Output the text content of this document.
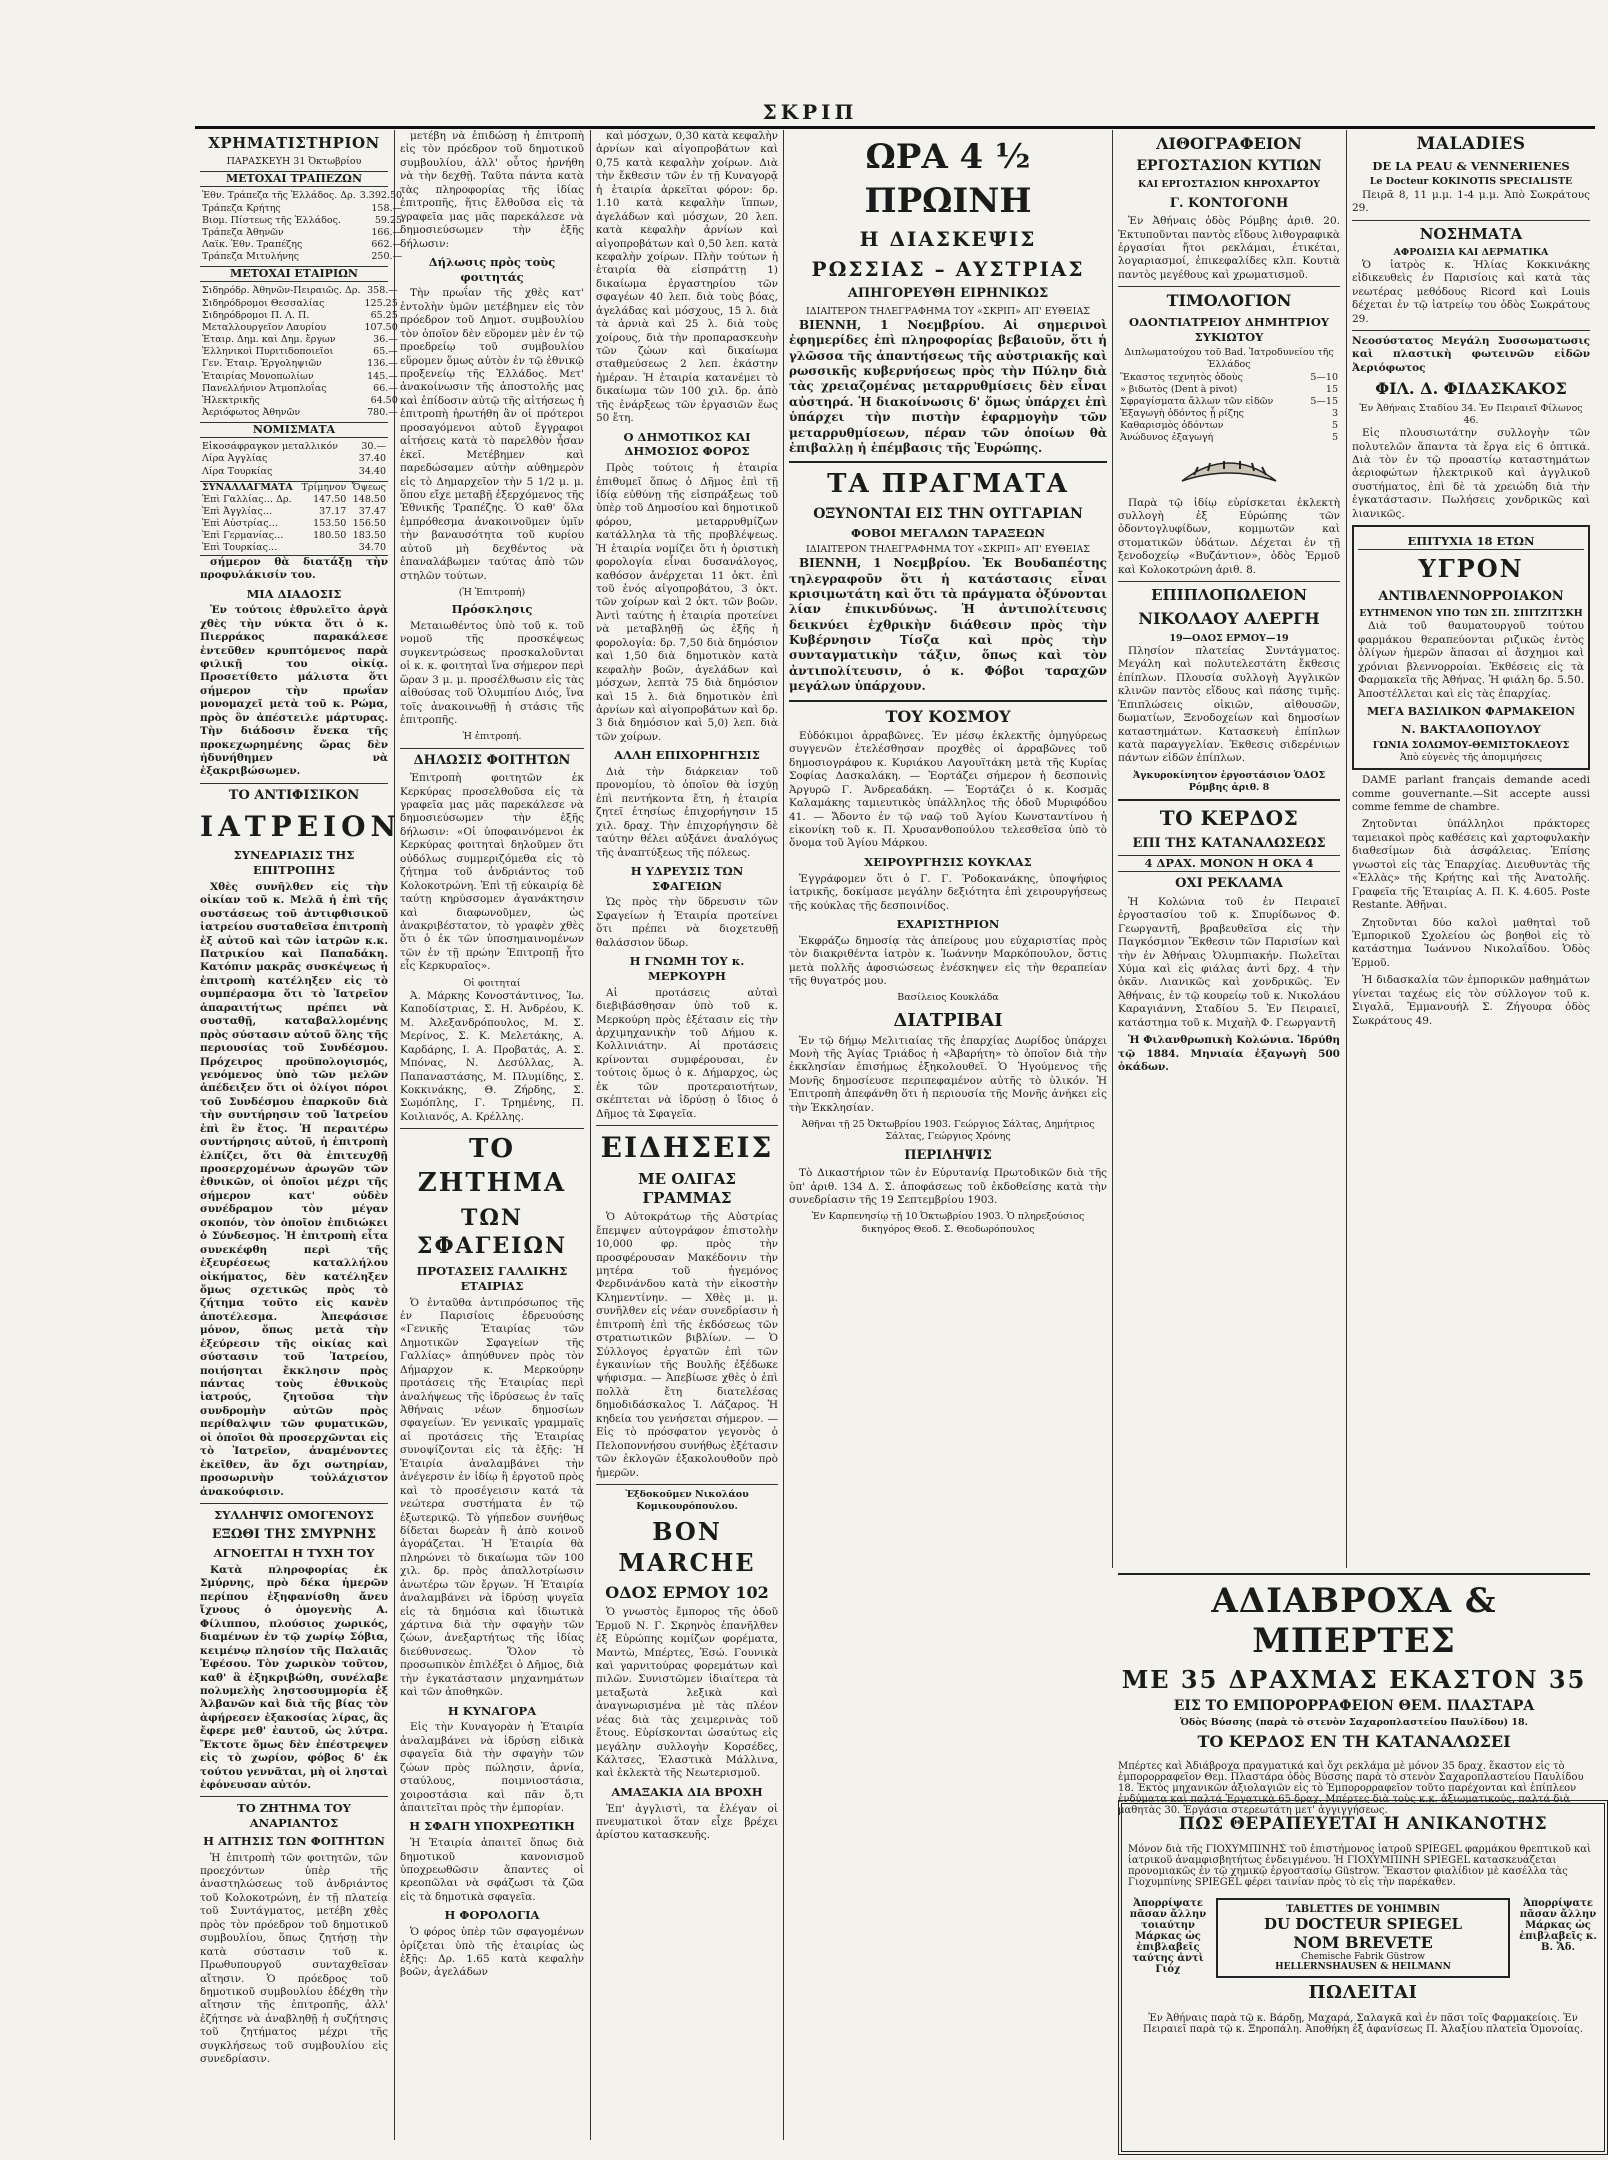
ΣΚΡΙΠ
ΧΡΗΜΑΤΙΣΤΗΡΙΟΝ
ΠΑΡΑΣΚΕΥΗ 31 Ὀκτωβρίου
ΜΕΤΟΧΑΙ ΤΡΑΠΕΖΩΝ
Ἐθν. Τράπεζα τῆς Ἑλλάδος. Δρ.	3.392.50
Τράπεζα Κρήτης	158.—
Βιομ. Πίστεως τῆς Ἑλλάδος.	59.25
Τράπεζα Ἀθηνῶν	166.—
Λαϊκ. Ἐθν. Τραπέζης	662.—
Τράπεζα Μιτυλήνης	250.—
ΜΕΤΟΧΑΙ ΕΤΑΙΡΙΩΝ
Σιδηρόδρ. Ἀθηνῶν-Πειραιῶς. Δρ.	358.—
Σιδηρόδρομοι Θεσσαλίας	125.25
Σιδηρόδρομοι Π. Λ. Π.	65.25
Μεταλλουργεῖον Λαυρίου	107.50
Ἑταιρ. Δημ. καὶ Δημ. ἔργων	36.—
Ἑλληνικοὶ Πυριτιδοποιεῖοι	65.—
Γεν. Ἑταιρ. Ἐργοληψιῶν	136.—
Ἑταιρίας Μονοπωλίων	145.—
Πανελλήνιον Ἀτμοπλοΐας	66.—
Ἠλεκτρικῆς	64.50
Ἀεριόφωτος Ἀθηνῶν	780.—
ΝΟΜΙΣΜΑΤΑ
Εἰκοσάφραγκον μεταλλικόν	30.—
Λίρα Ἀγγλίας	37.40
Λίρα Τουρκίας	34.40
ΣΥΝΑΛΛΑΓΜΑΤΑ	Τρίμηνον	Ὄψεως
Ἐπὶ Γαλλίας… Δρ.	147.50	148.50
Ἐπὶ Ἀγγλίας…	37.17	37.47
Ἐπὶ Αὐστρίας…	153.50	156.50
Ἐπὶ Γερμανίας…	180.50	183.50
Ἐπὶ Τουρκίας…		34.70

σήμερον θὰ διατάξῃ τὴν προφυλάκισίν του.

ΜΙΑ ΔΙΑΔΟΣΙΣ

Ἐν τούτοις ἐθρυλεῖτο ἀργὰ χθὲς τὴν νύκτα ὅτι ὁ κ. Πιερράκος παρακάλεσε ἐντεῦθεν κρυπτόμενος παρὰ φιλικῇ του οἰκίᾳ. Προσετίθετο μάλιστα ὅτι σήμερον τὴν πρωΐαν μονομαχεῖ μετὰ τοῦ κ. Ρώμα, πρὸς ὃν ἀπέστειλε μάρτυρας. Τὴν διάδοσιν ἕνεκα τῆς προκεχωρημένης ὥρας δὲν ἠδυνήθημεν νὰ ἐξακριβώσωμεν.

ΤΟ ΑΝΤΙΦΙΣΙΚΟΝ
ΙΑΤΡΕΙΟΝ
ΣΥΝΕΔΡΙΑΣΙΣ ΤΗΣ ΕΠΙΤΡΟΠΗΣ

Χθὲς συνῆλθεν εἰς τὴν οἰκίαν τοῦ κ. Μελᾶ ἡ ἐπὶ τῆς συστάσεως τοῦ ἀντιφθισικοῦ ἰατρείου συσταθεῖσα ἐπιτροπὴ ἐξ αὐτοῦ καὶ τῶν ἰατρῶν κ.κ. Πατρικίου καὶ Παπαδάκη. Κατόπιν μακρᾶς συσκέψεως ἡ ἐπιτροπὴ κατέληξεν εἰς τὸ συμπέρασμα ὅτι τὸ Ἰατρεῖον ἀπαραιτήτως πρέπει νὰ συσταθῇ, καταβαλλομένης πρὸς σύστασιν αὐτοῦ ὅλης τῆς περιουσίας τοῦ Συνδέσμου. Πρόχειρος προϋπολογισμός, γενόμενος ὑπὸ τῶν μελῶν ἀπέδειξεν ὅτι οἱ ὀλίγοι πόροι τοῦ Συνδέσμου ἐπαρκοῦν διὰ τὴν συντήρησιν τοῦ Ἰατρείου ἐπὶ ἓν ἔτος. Ἡ περαιτέρω συντήρησις αὐτοῦ, ἡ ἐπιτροπὴ ἐλπίζει, ὅτι θὰ ἐπιτευχθῇ προσερχομένων ἀρωγῶν τῶν ἐθνικῶν, οἱ ὁποῖοι μέχρι τῆς σήμερον κατ' οὐδὲν συνέδραμον τὸν μέγαν σκοπόν, τὸν ὁποῖον ἐπιδιώκει ὁ Σύνδεσμος. Ἡ ἐπιτροπὴ εἶτα συνεκέφθη περὶ τῆς ἐξευρέσεως καταλλήλου οἰκήματος, δὲν κατέληξεν ὅμως σχετικῶς πρὸς τὸ ζήτημα τοῦτο εἰς κανὲν ἀποτέλεσμα. Ἀπεφάσισε μόνον, ὅπως μετὰ τὴν ἐξεύρεσιν τῆς οἰκίας καὶ σύστασιν τοῦ Ἰατρείου, ποιήσηται ἔκκλησιν πρὸς πάντας τοὺς ἐθνικοὺς ἰατρούς, ζητοῦσα τὴν συνδρομὴν αὐτῶν πρὸς περίθαλψιν τῶν φυματικῶν, οἱ ὁποῖοι θὰ προσερχῶνται εἰς τὸ Ἰατρεῖον, ἀναμένοντες ἐκεῖθεν, ἂν ὄχι σωτηρίαν, προσωρινὴν τοὐλάχιστον ἀνακούφισιν.

ΣΥΛΛΗΨΙΣ ΟΜΟΓΕΝΟΥΣ
ΕΞΩΘΙ ΤΗΣ ΣΜΥΡΝΗΣ
ΑΓΝΟΕΙΤΑΙ Η ΤΥΧΗ ΤΟΥ

Κατὰ πληροφορίας ἐκ Σμύρνης, πρὸ δέκα ἡμερῶν περίπου ἐξηφανίσθη ἄνευ ἴχνους ὁ ὁμογενὴς Α. Φίλιππου, πλούσιος χωρικός, διαμένων ἐν τῷ χωρίῳ Σόβια, κειμένῳ πλησίον τῆς Παλαιᾶς Ἐφέσου. Τὸν χωρικὸν τοῦτον, καθ' ἃ ἐξηκριβώθη, συνέλαβε πολυμελὴς ληστοσυμμορία ἐξ Ἀλβανῶν καὶ διὰ τῆς βίας τὸν ἀφήρεσεν ἐξακοσίας λίρας, ἃς ἔφερε μεθ' ἑαυτοῦ, ὡς λύτρα. Ἔκτοτε ὅμως δὲν ἐπέστρεψεν εἰς τὸ χωρίον, φόβος δ' ἐκ τούτου γεννᾶται, μὴ οἱ λησταὶ ἐφόνευσαν αὐτόν.

ΤΟ ΖΗΤΗΜΑ ΤΟΥ ΑΝΑΡΙΑΝΤΟΣ
Η ΑΙΤΗΣΙΣ ΤΩΝ ΦΟΙΤΗΤΩΝ

Ἡ ἐπιτροπὴ τῶν φοιτητῶν, τῶν προεχόντων ὑπὲρ τῆς ἀναστηλώσεως τοῦ ἀνδριάντος τοῦ Κολοκοτρώνη, ἐν τῇ πλατείᾳ τοῦ Συντάγματος, μετέβη χθὲς πρὸς τὸν πρόεδρον τοῦ δημοτικοῦ συμβουλίου, ὅπως ζητήσῃ τὴν κατὰ σύστασιν τοῦ κ. Πρωθυπουργοῦ συνταχθεῖσαν αἴτησιν. Ὁ πρόεδρος τοῦ δημοτικοῦ συμβουλίου ἐδέχθη τὴν αἴτησιν τῆς ἐπιτροπῆς, ἀλλ' ἐζήτησε νὰ ἀναβληθῇ ἡ συζήτησις τοῦ ζητήματος μέχρι τῆς συγκλήσεως τοῦ συμβουλίου εἰς συνεδρίασιν.

μετέβη νὰ ἐπιδώσῃ ἡ ἐπιτροπὴ εἰς τὸν πρόεδρον τοῦ δημοτικοῦ συμβουλίου, ἀλλ' οὗτος ἠρνήθη νὰ τὴν δεχθῇ. Ταῦτα πάντα κατὰ τὰς πληροφορίας τῆς ἰδίας ἐπιτροπῆς, ἥτις ἔλθοῦσα εἰς τὰ γραφεῖα μας μᾶς παρεκάλεσε νὰ δημοσιεύσωμεν τὴν ἑξῆς δήλωσιν:

Δήλωσις πρὸς τοὺς φοιτητάς

Τὴν πρωΐαν τῆς χθὲς κατ' ἐντολὴν ὑμῶν μετέβημεν εἰς τὸν πρόεδρον τοῦ Δημοτ. συμβουλίου τὸν ὁποῖον δὲν εὕρομεν μὲν ἐν τῷ προεδρείῳ τοῦ συμβουλίου εὕρομεν ὅμως αὐτὸν ἐν τῷ ἐθνικῷ προξενείῳ τῆς Ἑλλάδος. Μετ' ἀνακοίνωσιν τῆς ἀποστολῆς μας καὶ ἐπίδοσιν αὐτῷ τῆς αἰτήσεως ἡ ἐπιτροπὴ ἠρωτήθη ἂν οἱ πρότεροι προσαγόμενοι αὐτοῦ ἔγγραφοι αἰτήσεις κατὰ τὸ παρελθὸν ἦσαν ἐκεῖ. Μετέβημεν καὶ παρεδώσαμεν αὐτὴν αὐθημερὸν εἰς τὸ Δημαρχεῖον τὴν 5 1/2 μ. μ. ὅπου εἴχε μεταβῇ ἐξερχόμενος τῆς Ἐθνικῆς Τραπέζης. Ὁ καθ' ὅλα ἐμπρόθεσμα ἀνακοινοῦμεν ὑμῖν τὴν βαναυσότητα τοῦ κυρίου αὐτοῦ μὴ δεχθέντος νὰ ἐπαναλάβωμεν ταύτας ἀπὸ τῶν στηλῶν τούτων.

(Ἡ Ἐπιτροπή)
Πρόσκλησις

Μεταιωθέντος ὑπὸ τοῦ κ. τοῦ νομοῦ τῆς προσκέψεως συγκεντρώσεως προσκαλοῦνται οἱ κ. κ. φοιτηταὶ ἵνα σήμερον περὶ ὥραν 3 μ. μ. προσέλθωσιν εἰς τὰς αἰθούσας τοῦ Ὁλυμπίου Διός, ἵνα τοῖς ἀνακοινωθῇ ἡ στάσις τῆς ἐπιτροπῆς.

Ἡ ἐπιτροπή.
ΔΗΛΩΣΙΣ ΦΟΙΤΗΤΩΝ

Ἐπιτροπὴ φοιτητῶν ἐκ Κερκύρας προσελθοῦσα εἰς τὰ γραφεῖα μας μᾶς παρεκάλεσε νὰ δημοσιεύσωμεν τὴν ἑξῆς δήλωσιν: «Οἱ ὑποφαινόμενοι ἐκ Κερκύρας φοιτηταὶ δηλοῦμεν ὅτι οὐδόλως συμμεριζόμεθα εἰς τὸ ζήτημα τοῦ ἀνδριάντος τοῦ Κολοκοτρώνη. Ἐπὶ τῇ εὐκαιρίᾳ δὲ ταύτῃ κηρύσσομεν ἀγανάκτησιν καὶ διαφωνοῦμεν, ὡς ἀνακριβέστατον, τὸ γραφὲν χθὲς ὅτι ὁ ἐκ τῶν ὑποσημαινομένων τῶν ἐν τῇ πρώην Ἐπιτροπῇ ἦτο εἷς Κερκυραῖος».

Οἱ φοιτηταί

Ἀ. Μάρκης Κονοστάντινος, Ἰω. Καποδίστριας, Σ. Η. Ἀνδρέου, Κ. Μ. Ἀλεξανδρόπουλος, Μ. Σ. Μερίνος, Σ. Κ. Μελετάκης, Α. Καρδάρης, Ι. Α. Προβατάς, Α. Σ. Μπόνας, Ν. Δεσύλλας, Ἀ. Παπαναστάσης, Μ. Πλυμίδης, Σ. Κοκκινάκης, Θ. Ζήρδης, Σ. Σωμόπλης, Γ. Τρημένης, Π. Κοιλιανός, Α. Κρέλλης.

ΤΟ ΖΗΤΗΜΑ
ΤΩΝ ΣΦΑΓΕΙΩΝ
ΠΡΟΤΑΣΕΙΣ ΓΑΛΛΙΚΗΣ ΕΤΑΙΡΙΑΣ

Ὁ ἐνταῦθα ἀντιπρόσωπος τῆς ἐν Παρισίοις ἑδρευούσης «Γενικῆς Ἑταιρίας τῶν Δημοτικῶν Σφαγείων τῆς Γαλλίας» ἀπηύθυνεν πρὸς τὸν Δήμαρχον κ. Μερκούρην προτάσεις τῆς Ἑταιρίας περὶ ἀναλήψεως τῆς ἰδρύσεως ἐν ταῖς Ἀθήναις νέων δημοσίων σφαγείων. Ἐν γενικαῖς γραμμαῖς αἱ προτάσεις τῆς Ἑταιρίας συνοψίζονται εἰς τὰ ἑξῆς: Ἡ Ἑταιρία ἀναλαμβάνει τὴν ἀνέγερσιν ἐν ἰδίῳ ἢ ἐργοτοῦ πρὸς καὶ τὸ προσέγεισιν κατά τὰ νεώτερα συστήματα ἐν τῷ ἐξωτερικῷ. Τὸ γήπεδον συνήθως δίδεται δωρεὰν ἢ ἀπὸ κοινοῦ ἀγοράζεται. Ἡ Ἑταιρία θὰ πληρώνει τὸ δικαίωμα τῶν 100 χιλ. δρ. πρὸς ἀπαλλοτρίωσιν ἀνωτέρω τῶν ἔργων. Ἡ Ἑταιρία ἀναλαμβάνει νὰ ἱδρύσῃ ψυγεῖα εἰς τὰ δημόσια καὶ ἰδιωτικὰ χάρτινα διὰ τὴν σφαγὴν τῶν ζώων, ἀνεξαρτήτως τῆς ἰδίας διεύθυνσεως. Ὅλον τὸ προσωπικὸν ἐπιλέξει ὁ Δῆμος, διὰ τὴν ἐγκατάστασιν μηχανημάτων καὶ τῶν ἀποθηκῶν.

Η ΚΥΝΑΓΟΡΑ

Εἰς τὴν Κυναγορὰν ἡ Ἑταιρία ἀναλαμβάνει νὰ ἱδρύσῃ εἰδικὰ σφαγεῖα διὰ τὴν σφαγὴν τῶν ζώων πρὸς πώλησιν, ἀρνία, σταύλους, ποιμνιοστάσια, χοιροστάσια καὶ πᾶν ὅ,τι ἀπαιτεῖται πρὸς τὴν ἐμπορίαν.

Η ΣΦΑΓΗ ΥΠΟΧΡΕΩΤΙΚΗ

Ἡ Ἑταιρία ἀπαιτεῖ ὅπως διὰ δημοτικοῦ κανονισμοῦ ὑποχρεωθῶσιν ἅπαντες οἱ κρεοπῶλαι νὰ σφάζωσι τὰ ζῶα εἰς τὰ δημοτικὰ σφαγεῖα.

Η ΦΟΡΟΛΟΓΙΑ

Ὁ φόρος ὑπὲρ τῶν σφαγομένων ὁρίζεται ὑπὸ τῆς ἑταιρίας ὡς ἑξῆς: Δρ. 1.65 κατὰ κεφαλὴν βοῶν, ἀγελάδων

καὶ μόσχων, 0,30 κατὰ κεφαλὴν ἀρνίων καὶ αἰγοπροβάτων καὶ 0,75 κατὰ κεφαλὴν χοίρων. Διὰ τὴν ἔκθεσιν τῶν ἐν τῇ Κυναγορᾷ ἡ ἑταιρία ἀρκεῖται φόρον: δρ. 1.10 κατὰ κεφαλὴν ἵππων, ἀγελάδων καὶ μόσχων, 20 λεπ. κατὰ κεφαλὴν ἀρνίων καὶ αἰγοπροβάτων καὶ 0,50 λεπ. κατὰ κεφαλὴν χοίρων. Πλὴν τούτων ἡ ἑταιρία θὰ εἰσπράττῃ 1) δικαίωμα ἐργαστηρίου τῶν σφαγέων 40 λεπ. διὰ τοὺς βόας, ἀγελάδας καὶ μόσχους, 15 λ. διὰ τὰ ἀρνιὰ καὶ 25 λ. διὰ τοὺς χοίρους, διὰ τὴν προπαρασκευὴν τῶν ζώων καὶ δικαίωμα σταθμεύσεως 2 λεπ. ἑκάστην ἡμέραν. Ἡ ἑταιρία κατανέμει τὸ δικαίωμα τῶν 100 χιλ. δρ. ἀπὸ τῆς ἐνάρξεως τῶν ἐργασιῶν ἕως 50 ἔτη.

Ο ΔΗΜΟΤΙΚΟΣ ΚΑΙ ΔΗΜΟΣΙΟΣ ΦΟΡΟΣ

Πρὸς τούτοις ἡ ἑταιρία ἐπιθυμεῖ ὅπως ὁ Δῆμος ἐπὶ τῇ ἰδίᾳ εὐθύνῃ τῆς εἰσπράξεως τοῦ ὑπὲρ τοῦ Δημοσίου καὶ δημοτικοῦ φόρου, μεταρρυθμίζων κατάλληλα τὰ τῆς προβλέψεως. Ἡ ἑταιρία νομίζει ὅτι ἡ ὁριστικὴ φορολογία εἶναι δυσανάλογος, καθόσον ἀνέρχεται 11 ὀκτ. ἐπὶ τοῦ ἑνός αἰγοπροβάτου, 3 ὀκτ. τῶν χοίρων καὶ 2 ὀκτ. τῶν βοῶν. Ἀντὶ ταύτης ἡ ἑταιρία προτείνει νὰ μεταβληθῇ ὡς ἑξῆς ἡ φορολογία: δρ. 7,50 διὰ δημόσιον καὶ 1,50 διὰ δημοτικὸν κατὰ κεφαλὴν βοῶν, ἀγελάδων καὶ μόσχων, λεπτὰ 75 διὰ δημόσιον καὶ 15 λ. διὰ δημοτικὸν ἐπὶ ἀρνίων καὶ αἰγοπροβάτων καὶ δρ. 3 διὰ δημόσιον καὶ 5,0) λεπ. διὰ τῶν χοίρων.

ΑΛΛΗ ΕΠΙΧΟΡΗΓΗΣΙΣ

Διὰ τὴν διάρκειαν τοῦ προνομίου, τὸ ὁποῖον θὰ ἰσχύῃ ἐπὶ πεντήκοντα ἔτη, ἡ ἑταιρία ζητεῖ ἐτησίως ἐπιχορήγησιν 15 χιλ. δραχ. Τὴν ἐπιχορήγησιν δὲ ταύτην θέλει αὐξάνει ἀναλόγως τῆς ἀναπτύξεως τῆς πόλεως.

Η ΥΔΡΕΥΣΙΣ ΤΩΝ ΣΦΑΓΕΙΩΝ

Ὡς πρὸς τὴν ὕδρευσιν τῶν Σφαγείων ἡ Ἑταιρία προτείνει ὅτι πρέπει νὰ διοχετευθῇ θαλάσσιον ὕδωρ.

Η ΓΝΩΜΗ ΤΟΥ κ. ΜΕΡΚΟΥΡΗ

Αἱ προτάσεις αὐταὶ διεβιβάσθησαν ὑπὸ τοῦ κ. Μερκούρη πρὸς ἐξέτασιν εἰς τὴν ἀρχιμηχανικὴν τοῦ Δήμου κ. Κολλινιάτην. Αἱ προτάσεις κρίνονται συμφέρουσαι, ἐν τούτοις ὅμως ὁ κ. Δήμαρχος, ὡς ἐκ τῶν προτεραιοτήτων, σκέπτεται νὰ ἱδρύσῃ ὁ ἴδιος ὁ Δῆμος τὰ Σφαγεῖα.

ΕΙΔΗΣΕΙΣ
ΜΕ ΟΛΙΓΑΣ ΓΡΑΜΜΑΣ

Ὁ Αὐτοκράτωρ τῆς Αὐστρίας ἔπεμψεν αὐτογράφον ἐπιστολὴν 10,000 φρ. πρὸς τὴν προσφέρουσαν Μακέδονιν τὴν μητέρα τοῦ ἡγεμόνος Φερδινάνδου κατὰ τὴν εἰκοστὴν Κλημεντίνην. — Χθὲς μ. μ. συνῆλθεν εἰς νέαν συνεδρίασιν ἡ ἐπιτροπὴ ἐπὶ τῆς ἐκδόσεως τῶν στρατιωτικῶν βιβλίων. — Ὁ Σύλλογος ἐργατῶν ἐπὶ τῶν ἐγκαινίων τῆς Βουλῆς ἐξέδωκε ψήφισμα. — Ἀπεβίωσε χθὲς ὁ ἐπὶ πολλὰ ἔτη διατελέσας δημοδιδάσκαλος Ἰ. Λάζαρος. Ἡ κηδεία του γενήσεται σήμερον. — Εἰς τὸ πρόσφατον γεγονὸς ὁ Πελοποννήσου συνήθως ἐξέτασιν τῶν ἐκλογῶν ἐξακολουθοῦν πρὸ ἡμερῶν.

Ἐξδοκοῦμεν Νικολάου Κομικουρόπουλου.
BON MARCHE
ΟΔΟΣ ΕΡΜΟΥ 102

Ὁ γνωστὸς ἔμπορος τῆς ὁδοῦ Ἑρμοῦ Ν. Γ. Σκρηνὸς ἐπανῆλθεν ἐξ Εὐρώπης κομίζων φορέματα, Μαντὼ, Μπέρτες, Ἐσώ. Γουνικὰ καὶ γαρνιτούρας φορεμάτων καὶ πιλῶν. Συνιστῶμεν ἰδιαίτερα τὰ μεταξωτὰ λεξικὰ καὶ ἀναγνωρισμένα μὲ τὰς πλέον νέας διὰ τὰς χειμερινὰς τοῦ ἔτους. Εὑρίσκονται ὡσαύτως εἰς μεγάλην συλλογὴν Κορσέδες, Κάλτσες, Ἐλαστικὰ Μάλλινα, καὶ ἐκλεκτὰ τῆς Νεωτερισμοῦ.

ΑΜΑΞΑΚΙΑ ΔΙΑ ΒΡΟΧΗ

Ἐπ' ἀγγλιστὶ, τα ἐλέγαν οἱ πνευματικοὶ ὅταν εἶχε βρέχει ἀρίστου κατασκευῆς.

ΩΡΑ 4 ½ ΠΡΩΙΝΗ
Η ΔΙΑΣΚΕΨΙΣ
ΡΩΣΣΙΑΣ – ΑΥΣΤΡΙΑΣ
ΑΠΗΓΟΡΕΥΘΗ ΕΙΡΗΝΙΚΩΣ
ΙΔΙΑΙΤΕΡΟΝ ΤΗΛΕΓΡΑΦΗΜΑ ΤΟΥ «ΣΚΡΙΠ» ΑΠ' ΕΥΘΕΙΑΣ

ΒΙΕΝΝΗ, 1 Νοεμβρίου. Αἱ σημερινοὶ ἐφημερίδες ἐπὶ πληροφορίας βεβαιοῦν, ὅτι ἡ γλῶσσα τῆς ἀπαντήσεως τῆς αὐστριακῆς καὶ ρωσσικῆς κυβερνήσεως πρὸς τὴν Πύλην διὰ τὰς χρειαζομένας μεταρρυθμίσεις δὲν εἶναι αὐστηρά. Ἡ διακοίνωσις δ' ὅμως ὑπάρχει ἐπὶ ὑπάρχει τὴν πιστὴν ἐφαρμογὴν τῶν μεταρρυθμίσεων, πέραν τῶν ὁποίων θὰ ἐπιβαλλῃ ἡ ἐπέμβασις τῆς Ἐυρώπης.

ΤΑ ΠΡΑΓΜΑΤΑ
ΟΞΥΝΟΝΤΑΙ ΕΙΣ ΤΗΝ ΟΥΓΓΑΡΙΑΝ
ΦΟΒΟΙ ΜΕΓΑΛΩΝ ΤΑΡΑΞΕΩΝ
ΙΔΙΑΙΤΕΡΟΝ ΤΗΛΕΓΡΑΦΗΜΑ ΤΟΥ «ΣΚΡΙΠ» ΑΠ' ΕΥΘΕΙΑΣ

ΒΙΕΝΝΗ, 1 Νοεμβρίου. Ἐκ Βουδαπέστης τηλεγραφοῦν ὅτι ἡ κατάστασις εἶναι κρισιμωτάτη καὶ ὅτι τὰ πράγματα ὀξύνονται λίαν ἐπικινδύνως. Ἡ ἀντιπολίτευσις δεικνύει ἐχθρικὴν διάθεσιν πρὸς τὴν Κυβέρνησιν Τίσζα καὶ πρὸς τὴν συνταγματικὴν τάξιν, ὅπως καὶ τὸν ἀντιπολίτευσιν, ὁ κ. Φόβοι ταραχῶν μεγάλων ὑπάρχουν.

ΤΟΥ ΚΟΣΜΟΥ

Εὐδόκιμοι ἀρραβῶνες. Ἐν μέσῳ ἐκλεκτῆς ὁμηγύρεως συγγενῶν ἐτελέσθησαν προχθὲς οἱ ἀρραβῶνες τοῦ δημοσιογράφου κ. Κυριάκου Λαγουϊτάκη μετὰ τῆς Κυρίας Σοφίας Δασκαλάκη. — Ἑορτάζει σήμερον ἡ δεσποινὶς Ἀργυρῶ Γ. Ἀνδρεαδάκη. — Ἑορτάζει ὁ κ. Κοσμᾶς Καλαμάκης ταμιευτικὸς ὑπάλληλος τῆς ὁδοῦ Μυριφόδου 41. — Ἄδοντο ἐν τῷ ναῷ τοῦ Ἁγίου Κωνσταντίνου ἡ εἰκονίκη τοῦ κ. Π. Χρυσανθοπούλου τελεσθεῖσα ὑπὸ τὸ ὄνομα τοῦ Ἁγίου Μάρκου.

ΧΕΙΡΟΥΡΓΗΣΙΣ ΚΟΥΚΛΑΣ

Ἐγγράφομεν ὅτι ὁ Γ. Γ. Ῥοδοκανάκης, ὑποψήφιος ἰατρικῆς, δοκίμασε μεγάλην δεξιότητα ἐπὶ χειρουργήσεως τῆς κούκλας τῆς δεσποινίδος.

ΕΧΑΡΙΣΤΗΡΙΟΝ

Ἐκφράζω δημοσίᾳ τὰς ἀπείρους μου εὐχαριστίας πρὸς τὸν διακριθέντα ἰατρὸν κ. Ἰωάννην Μαρκόπουλον, ὅστις μετὰ πολλῆς ἀφοσιώσεως ἐνέσκηψεν εἰς τὴν θεραπείαν τῆς θυγατρός μου.

Βασίλειος Κουκλάδα
ΔΙΑΤΡΙΒΑΙ

Ἐν τῷ δήμῳ Μελιτιαίας τῆς ἐπαρχίας Δωρίδος ὑπάρχει Μονὴ τῆς Ἁγίας Τριάδος ἡ «Ἀβαρήτη» τὸ ὁποῖον διὰ τὴν ἐκκλησίαν ἐπισήμως ἐξηκολουθεῖ. Ὁ Ἡγούμενος τῆς Μονῆς δημοσίευσε περιπεφαμένον αὐτῆς τὸ ὑλικόν. Ἡ Ἐπιτροπὴ ἀπεφάνθη ὅτι ἡ περιουσία τῆς Μονῆς ἀνήκει εἰς τὴν Ἐκκλησίαν.

Ἀθῆναι τῇ 25 Ὀκτωβρίου 1903. Γεώργιος Σάλτας, Δημήτριος Σάλτας, Γεώργιος Χρόνης
ΠΕΡΙΛΗΨΙΣ

Τὸ Δικαστήριον τῶν ἐν Εὐρυτανίᾳ Πρωτοδικῶν διὰ τῆς ὑπ' ἀριθ. 134 Δ. Σ. ἀποφάσεως τοῦ ἐκδοθείσης κατὰ τὴν συνεδρίασιν τῆς 19 Σεπτεμβρίου 1903.

Ἐν Καρπενησίῳ τῇ 10 Ὀκτωβρίου 1903. Ὁ πληρεξούσιος δικηγόρος Θεοδ. Σ. Θεοδωρόπουλος
ΛΙΘΟΓΡΑΦΕΙΟΝ
ΕΡΓΟΣΤΑΣΙΟΝ ΚΥΤΙΩΝ
ΚΑΙ ΕΡΓΟΣΤΑΣΙΟΝ ΚΗΡΟΧΑΡΤΟΥ
Γ. ΚΟΝΤΟΓΟΝΗ

Ἐν Ἀθήναις ὁδὸς Ρόμβης ἀριθ. 20. Ἐκτυποῦνται παντὸς εἴδους λιθογραφικὰ ἐργασίαι ἤτοι ρεκλάμαι, ἐτικέται, λογαριασμοί, ἐπικεφαλίδες κλπ. Κουτιὰ παντὸς μεγέθους καὶ χρωματισμοῦ.

ΤΙΜΟΛΟΓΙΟΝ
ΟΔΟΝΤΙΑΤΡΕΙΟΥ ΔΗΜΗΤΡΙΟΥ ΣΥΚΙΩΤΟΥ
Διπλωματούχου τοῦ Bad. Ἰατροδυνείου τῆς Ἑλλάδος
Ἕκαστος τεχνητὸς ὀδοὺς	5—10
» βιδωτὸς (Dent à pivot)	15
Σφραγίσματα ἄλλων τῶν εἰδῶν	5—15
Ἐξαγωγὴ ὀδόντος ᾗ ρίζης	3
Καθαρισμὸς ὀδόντων	5
Ἀνώδυνος ἐξαγωγή	5

Παρὰ τῷ ἰδίῳ εὑρίσκεται ἐκλεκτὴ συλλογὴ ἐξ Εὐρώπης τῶν ὀδοντογλυφίδων, κομμωτῶν καὶ στοματικῶν ὑδάτων. Δέχεται ἐν τῇ ξενοδοχείῳ «Βυζάντιον», ὁδὸς Ἑρμοῦ καὶ Κολοκοτρώνη ἀριθ. 8.

ΕΠΙΠΛΟΠΩΛΕΙΟΝ
ΝΙΚΟΛΑΟΥ ΑΛΕΡΓΗ
19—ΟΔΟΣ ΕΡΜΟΥ—19

Πλησίον πλατείας Συντάγματος. Μεγάλη καὶ πολυτελεστάτη ἔκθεσις ἐπίπλων. Πλουσία συλλογὴ Ἀγγλικῶν κλινῶν παντὸς εἴδους καὶ πάσης τιμῆς. Ἐπιπλώσεις οἰκιῶν, αἰθουσῶν, δωματίων, Ξενοδοχείων καὶ δημοσίων καταστημάτων. Κατασκευὴ ἐπίπλων κατὰ παραγγελίαν. Ἐκθεσις σιδερένιων πάντων εἰδῶν ἐπίπλων.

Ἀγκυροκίνητον ἐργοστάσιον ὉΔΟΣ Ρόμβης ἀριθ. 8
ΤΟ ΚΕΡΔΟΣ
ΕΠΙ ΤΗΣ ΚΑΤΑΝΑΛΩΣΕΩΣ
4 ΔΡΑΧ. ΜΟΝΟΝ Η ΟΚΑ 4
ΟΧΙ ΡΕΚΛΑΜΑ

Ἡ Κολώνια τοῦ ἐν Πειραιεῖ ἐργοστασίου τοῦ κ. Σπυρίδωνος Φ. Γεωργαντῆ, βραβευθεῖσα εἰς τὴν Παγκόσμιον Ἔκθεσιν τῶν Παρισίων καὶ τὴν ἐν Ἀθήναις Ὀλυμπιακήν. Πωλεῖται Χύμα καὶ εἰς φιάλας ἀντὶ δρχ. 4 τὴν ὀκᾶν. Λιανικῶς καὶ χονδρικῶς. Ἐν Ἀθήναις, ἐν τῷ κουρείῳ τοῦ κ. Νικολάου Καραγιάννη, Σταδίου 5. Ἐν Πειραιεῖ, κατάστημα τοῦ κ. Μιχαὴλ Φ. Γεωργαντῆ

Ἡ Φιλανθρωπικὴ Κολώνια. Ἱδρύθη τῷ 1884. Μηνιαία ἐξαγωγὴ 500 ὀκάδων.

MALADIES
DE LA PEAU & VENNERIENES
Le Docteur KOKINOTIS SPECIALISTE

Πειρᾶ 8, 11 μ.μ. 1-4 μ.μ. Ἀπὸ Σωκράτους 29.

ΝΟΣΗΜΑΤΑ
ΑΦΡΟΔΙΣΙΑ ΚΑΙ ΔΕΡΜΑΤΙΚΑ

Ὁ ἰατρὸς κ. Ἠλίας Κοκκινάκης εἰδικευθεὶς ἐν Παρισίοις καὶ κατὰ τὰς νεωτέρας μεθόδους Ricord καὶ Louis δέχεται ἐν τῷ ἰατρείῳ του ὁδὸς Σωκράτους 29.

Νεοσύστατος Μεγάλη Συσσωματωσις καὶ πλαστικὴ φωτεινῶν εἰδῶν Ἀεριόφωτος

ΦΙΛ. Δ. ΦΙΔΑΣΚΑΚΟΣ
Ἐν Ἀθήναις Σταδίου 34. Ἐν Πειραιεῖ Φίλωνος 46.

Εἰς πλουσιωτάτην συλλογὴν τῶν πολυτελῶν ἅπαντα τὰ ἔργα εἰς 6 ὀπτικά. Διὰ τὸν ἐν τῷ προαστίῳ καταστημάτων ἀεριοφώτων ἠλεκτρικοῦ καὶ ἀγγλικοῦ συστήματος, ἐπὶ δὲ τὰ χρειώδη διὰ τὴν ἐγκατάστασιν. Πωλήσεις χονδρικῶς καὶ λιανικῶς.

ΕΠΙΤΥΧΙΑ 18 ΕΤΩΝ
ΥΓΡΟΝ
ΑΝΤΙΒΛΕΝΝΟΡΡΟΙΑΚΟΝ
ΕΥΤΗΜΕΝΟΝ ΥΠΟ ΤΩΝ ΣΠ. ΣΠΙΤΖΙΤΣΚΗ

Διὰ τοῦ θαυματουργοῦ τούτου φαρμάκου θεραπεύονται ριζικῶς ἐντὸς ὀλίγων ἡμερῶν ἅπασαι αἱ ἄσχημοι καὶ χρόνιαι βλεννορροίαι. Ἐκθέσεις εἰς τὰ Φαρμακεῖα τῆς Ἀθήνας. Ἡ φιάλη δρ. 5.50. Ἀποστέλλεται καὶ εἰς τὰς ἐπαρχίας.

ΜΕΓΑ ΒΑΣΙΛΙΚΟΝ ΦΑΡΜΑΚΕΙΟΝ
Ν. ΒΑΚΤΑΛΟΠΟΥΛΟΥ
ΓΩΝΙΑ ΣΟΛΩΜΟΥ-ΘΕΜΙΣΤΟΚΛΕΟΥΣ
Ἀπὸ εὐγενὲς τῆς ἀπομιμήσεις

DAME parlant français demande acedi comme gouvernante.—Sit accepte aussi comme femme de chambre.

Ζητοῦνται ὑπάλληλοι πράκτορες ταμειακοὶ πρὸς καθέσεις καὶ χαρτοφυλακὴν διαθεσίμων διὰ ἀσφάλειας. Ἐπίσης γνωστοὶ εἰς τὰς Ἐπαρχίας. Διευθυντὰς τῆς «Ἑλλὰς» τῆς Κρήτης καὶ τῆς Ἀνατολῆς. Γραφεῖα τῆς Ἑταιρίας Α. Π. Κ. 4.605. Poste Restante. Ἀθῆναι.

Ζητοῦνται δύο καλοὶ μαθηταὶ τοῦ Ἐμπορικοῦ Σχολείου ὡς βοηθοὶ εἰς τὸ κατάστημα Ἰωάννου Νικολαΐδου. Ὁδὸς Ἑρμοῦ.

Ἡ διδασκαλία τῶν ἐμπορικῶν μαθημάτων γίνεται ταχέως εἰς τὸν σύλλογον τοῦ κ. Σιγαλᾶ, Ἐμμανουήλ Σ. Ζήγουρα ὁδὸς Σωκράτους 49.

ΑΔΙΑΒΡΟΧΑ & ΜΠΕΡΤΕΣ
ΜΕ 35 ΔΡΑΧΜΑΣ ΕΚΑΣΤΟΝ 35
ΕΙΣ ΤΟ ΕΜΠΟΡΟΡΡΑΦΕΙΟΝ ΘΕΜ. ΠΛΑΣΤΑΡΑ
Ὁδὸς Βύσσης (παρὰ τὸ στενὸν Σαχαροπλαστείου Παυλίδου) 18.
ΤΟ ΚΕΡΔΟΣ ΕΝ ΤΗ ΚΑΤΑΝΑΛΩΣΕΙ

Μπέρτες καὶ Ἀδιάβροχα πραγματικά καὶ ὄχι ρεκλάμα μὲ μόνον 35 δραχ. ἕκαστον εἰς τὸ ἐμπορορραφεῖον Θεμ. Πλαστάρα ὁδὸς Βύσσης παρὰ τὸ στενὸν Σαχαροπλαστείου Παυλίδου 18. Ἐκτὸς μηχανικῶν ἀξιολαγιῶν εἰς τὸ Ἐμπορορραφεῖον τοῦτο παρέχονται καὶ ἑπίπλεον ἐνδύματα καὶ παλτά Ἐργατικὰ 65 δραχ. Μπέρτες διὰ τοὺς κ.κ. ἀξιωματικούς, παλτά διὰ μαθητὰς 30. Ἐργάσια στερεωτάτη μετ' ἀγγιγγήσεως.

ΠΩΣ ΘΕΡΑΠΕΥΕΤΑΙ Η ΑΝΙΚΑΝΟΤΗΣ

Μόνον διὰ τῆς ΓΙΟΧΥΜΠΙΝΗΣ τοῦ ἐπιστήμονος ἰατροῦ SPIEGEL φαρμάκου θρεπτικοῦ καὶ ἰατρικοῦ ἀναμφισβητήτως ἐνδειγμένου. Ἡ ΓΙΟΧΥΜΠΙΝΗ SPIEGEL κατασκευάζεται προνομιακῶς ἐν τῷ χημικῷ ἐργοστασίῳ Güstrow. Ἕκαστον φιαλίδιον μὲ κασέλλα τὰς Γιοχυμπίνης SPIEGEL φέρει ταινίαν πρὸς τὸ εἰς τὴν παρέκαθεν.

Ἀπορρίψατε πᾶσαν ἄλλην τοιαύτην Μάρκας ὡς ἐπιβλαβεῖς ταύτης ἀντὶ Γιόχ
TABLETTES DE YOHIMBIN
DU DOCTEUR SPIEGEL
NOM BREVETE
Chemische Fabrik Güstrow
HELLERNSHAUSEN & HEILMANN
Ἀπορρίψατε πᾶσαν ἄλλην Μάρκας ὡς ἐπιβλαβεῖς κ. Β. Ἄδ.
ΠΩΛΕΙΤΑΙ

Ἐν Ἀθήναις παρὰ τῷ κ. Βάρδῃ, Μαχαρά, Σαλαγκᾶ καὶ ἐν πᾶσι τοῖς Φαρμακείοις. Ἐν Πειραιεῖ παρὰ τῷ κ. Ξηροπάλη. Ἀποθήκη ἐξ ἀφανίσεως Π. Ἀλαξίου πλατεῖα Ὁμονοίας.
